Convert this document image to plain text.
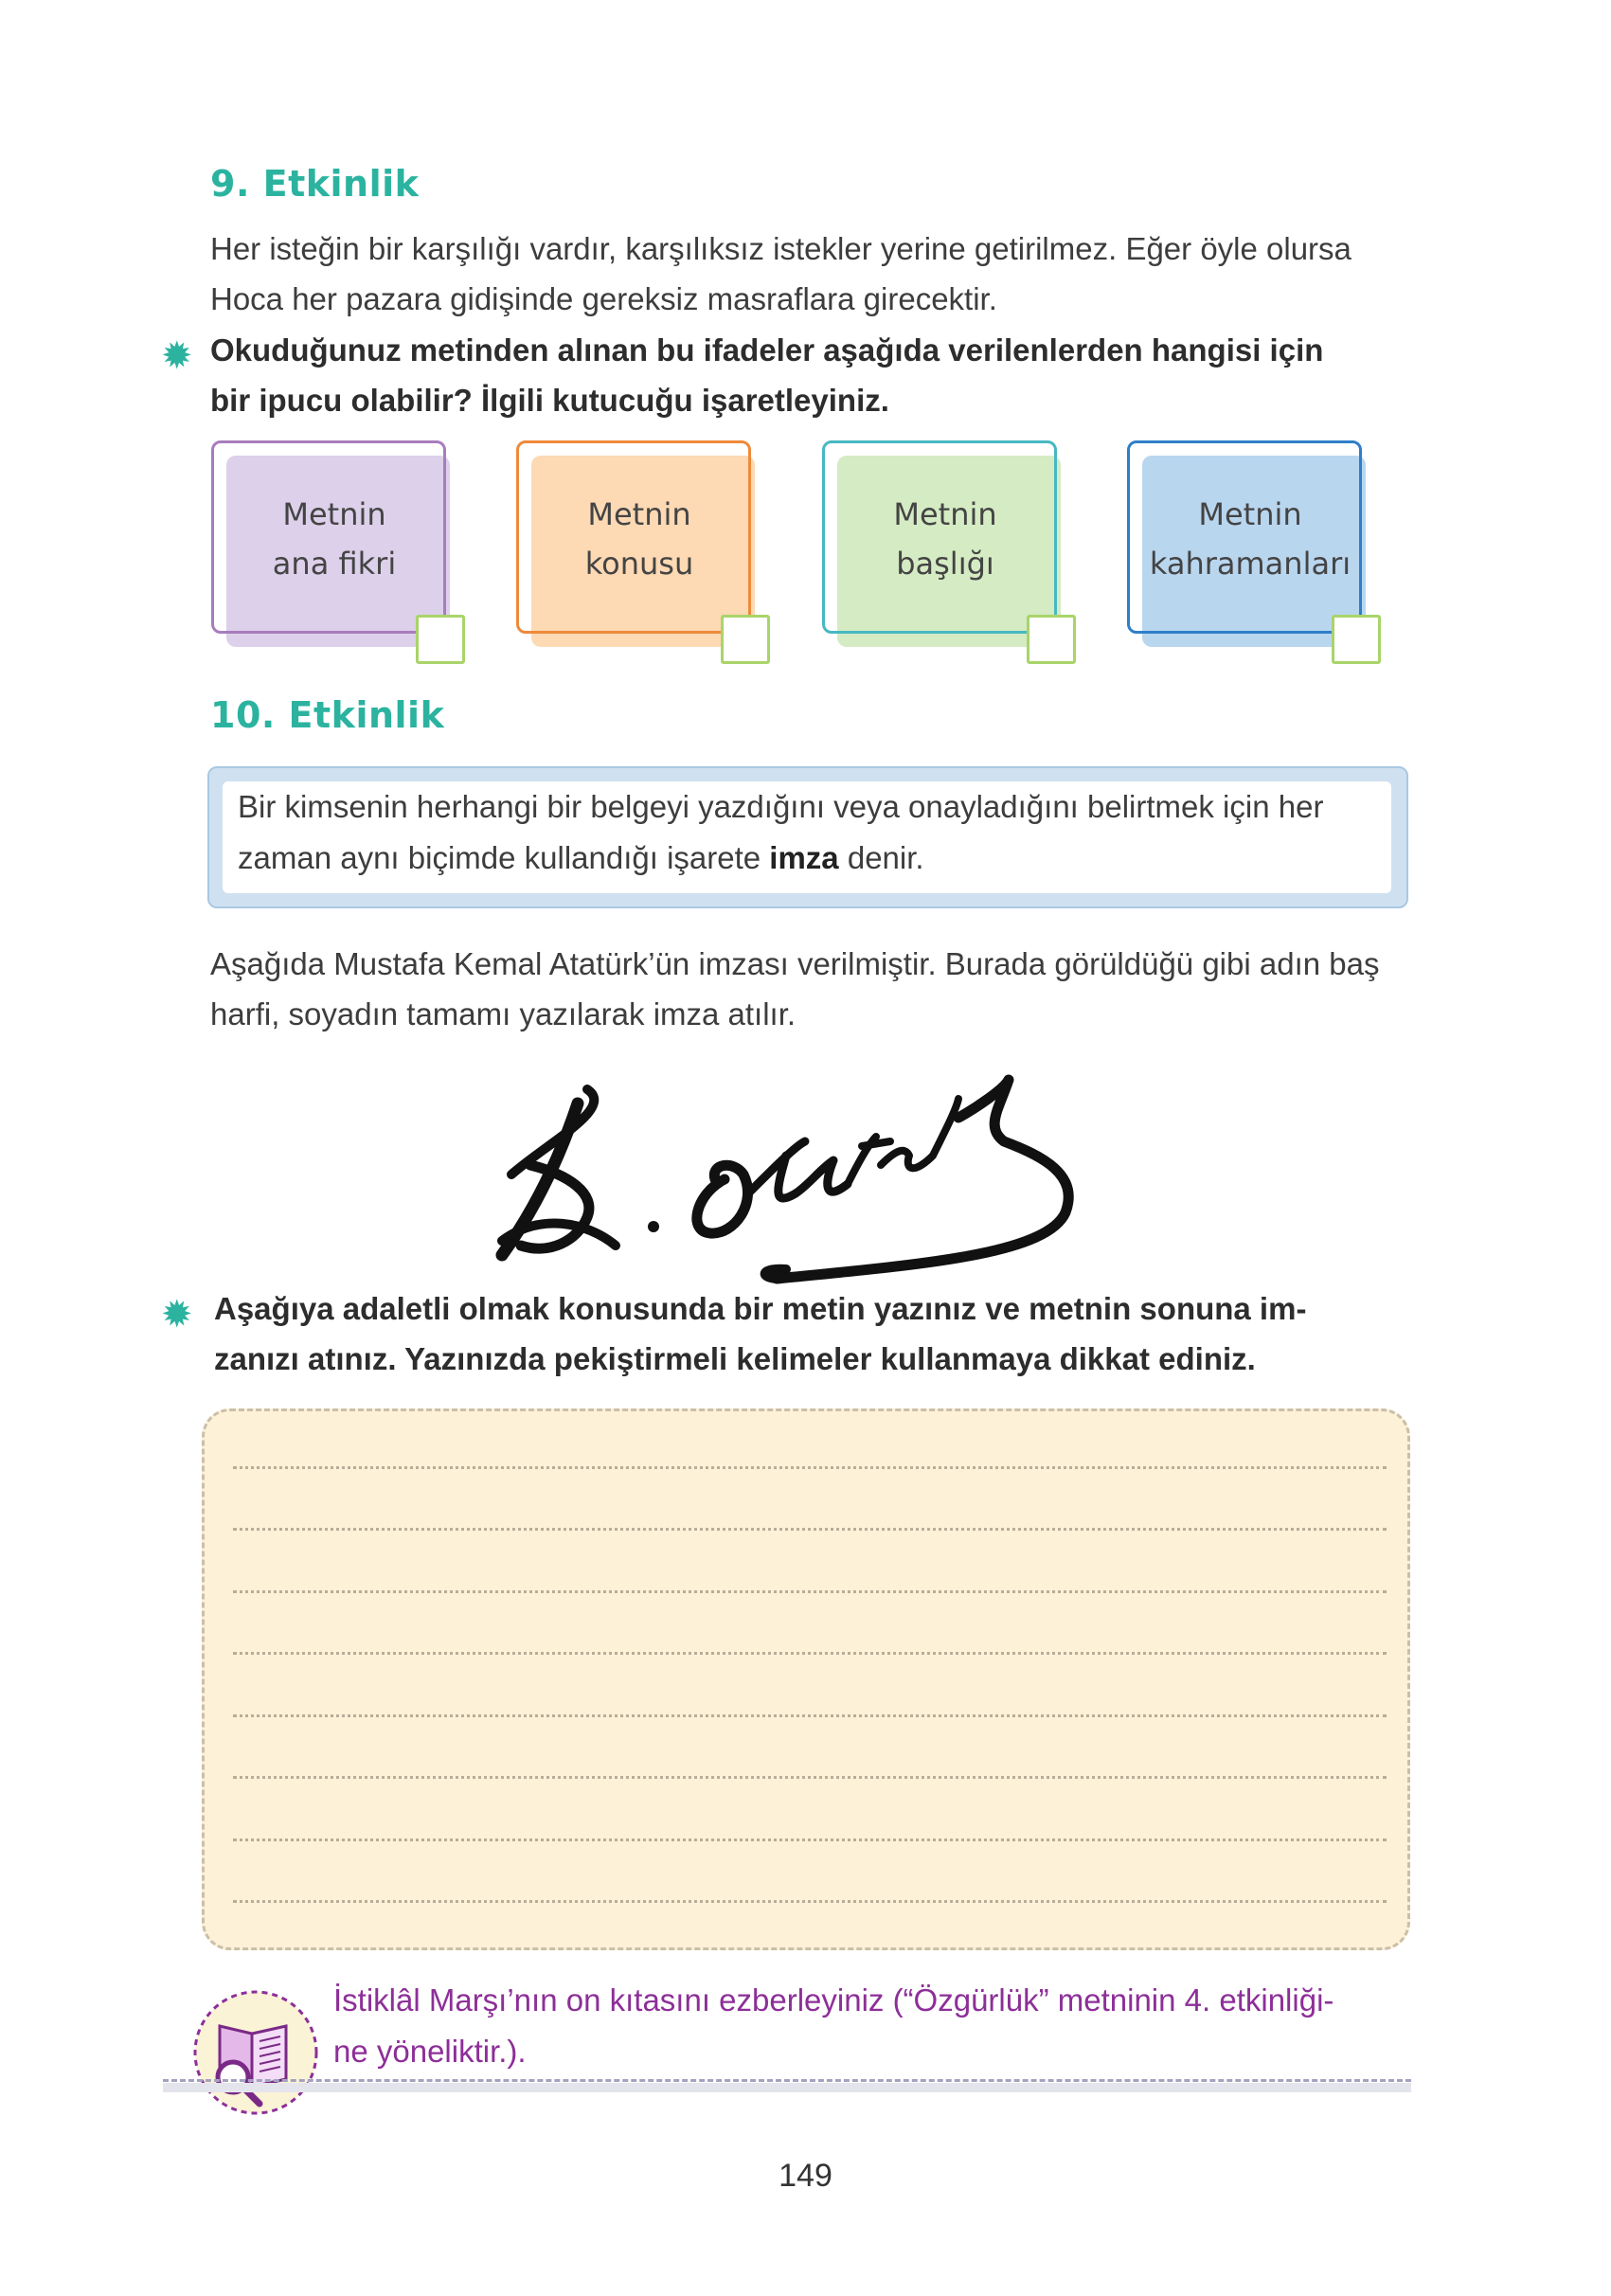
9. Etkinlik
Her isteğin bir karşılığı vardır, karşılıksız istekler yerine getirilmez. Eğer öyle olursa
Hoca her pazara gidişinde gereksiz masraflara girecektir.
✹ Okuduğunuz metinden alınan bu ifadeler aşağıda verilenlerden hangisi için
bir ipucu olabilir? İlgili kutucuğu işaretleyiniz.
Metnin
ana fikri
Metnin
konusu
Metnin
başlığı
Metnin
kahramanları
10. Etkinlik
Bir kimsenin herhangi bir belgeyi yazdığını veya onayladığını belirtmek için her
zaman aynı biçimde kullandığı işarete imza denir.
Aşağıda Mustafa Kemal Atatürk’ün imzası verilmiştir. Burada görüldüğü gibi adın baş
harfi, soyadın tamamı yazılarak imza atılır.
✹ Aşağıya adaletli olmak konusunda bir metin yazınız ve metnin sonuna im-
zanızı atınız. Yazınızda pekiştirmeli kelimeler kullanmaya dikkat ediniz.
İstiklâl Marşı’nın on kıtasını ezberleyiniz (“Özgürlük” metninin 4. etkinliği-
ne yöneliktir.).
149
